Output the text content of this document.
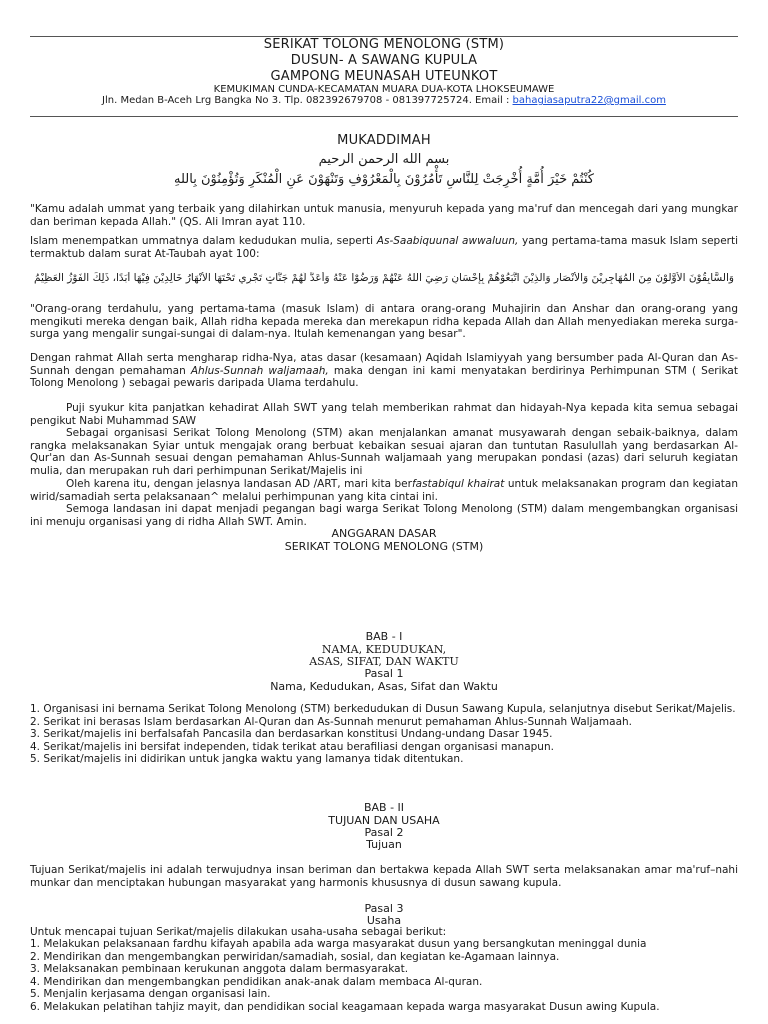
SERIKAT TOLONG MENOLONG (STM)
DUSUN- A SAWANG KUPULA
GAMPONG MEUNASAH UTEUNKOT
KEMUKIMAN CUNDA-KECAMATAN MUARA DUA-KOTA LHOKSEUMAWE
Jln. Medan B-Aceh Lrg Bangka No 3. Tlp. 082392679708 - 081397725724. Email : bahagiasaputra22@gmail.com
MUKADDIMAH
بسم الله الرحمن الرحيم
كُنْتُمْ خَيْرَ أُمَّةٍ أُخْرِجَتْ لِلنَّاسِ تَأْمُرُوْنَ بِالْمَعْرُوْفِ وَتَنْهَوْنَ عَنِ الْمُنْكَرِ وَتُؤْمِنُوْنَ بِاللهِ

"Kamu adalah ummat yang terbaik yang dilahirkan untuk manusia, menyuruh kepada yang ma'ruf dan mencegah dari yang mungkar dan beriman kepada Allah." (QS. Ali Imran ayat 110.

Islam menempatkan ummatnya dalam kedudukan mulia, seperti As-Saabiquunal awwaluun, yang pertama-tama masuk Islam seperti termaktub dalam surat At-Taubah ayat 100:

وَالسَّابِقُوْنَ الْأَوَّلُوْنَ مِنَ الْمُهَاجِرِيْنَ وَالْأَنْصَارِ وَالَّذِيْنَ اتَّبَعُوْهُمْ بِإِحْسَانٍ رَضِيَ اللهُ عَنْهُمْ وَرَضُوْا عَنْهُ وَأَعَدَّ لَهُمْ جَنَّاتٍ تَجْرِي تَحْتَهَا الْأَنْهَارُ خَالِدِيْنَ فِيْهَا أَبَدًا، ذَلِكَ الْفَوْزُ الْعَظِيْمُ

"Orang-orang terdahulu, yang pertama-tama (masuk Islam) di antara orang-orang Muhajirin dan Anshar dan orang-orang yang mengikuti mereka dengan baik, Allah ridha kepada mereka dan merekapun ridha kepada Allah dan Allah menyediakan mereka surga-surga yang mengalir sungai-sungai di dalam-nya. Itulah kemenangan yang besar".

Dengan rahmat Allah serta mengharap ridha-Nya, atas dasar (kesamaan) Aqidah Islamiyyah yang bersumber pada Al-Quran dan As-Sunnah dengan pemahaman Ahlus-Sunnah waljamaah, maka dengan ini kami menyatakan berdirinya Perhimpunan STM ( Serikat Tolong Menolong ) sebagai pewaris daripada Ulama terdahulu.

Puji syukur kita panjatkan kehadirat Allah SWT yang telah memberikan rahmat dan hidayah-Nya kepada kita semua sebagai pengikut Nabi Muhammad SAW

Sebagai organisasi Serikat Tolong Menolong (STM) akan menjalankan amanat musyawarah dengan sebaik-baiknya, dalam rangka melaksanakan Syiar untuk mengajak orang berbuat kebaikan sesuai ajaran dan tuntutan Rasulullah yang berdasarkan Al-Qur'an dan As-Sunnah sesuai dengan pemahaman Ahlus-Sunnah waljamaah yang merupakan pondasi (azas) dari seluruh kegiatan mulia, dan merupakan ruh dari perhimpunan Serikat/Majelis ini

Oleh karena itu, dengan jelasnya landasan AD /ART, mari kita berfastabiqul khairat untuk melaksanakan program dan kegiatan wirid/samadiah serta pelaksanaan^ melalui perhimpunan yang kita cintai ini.

Semoga landasan ini dapat menjadi pegangan bagi warga Serikat Tolong Menolong (STM) dalam mengembangkan organisasi ini menuju organisasi yang di ridha Allah SWT. Amin.

ANGGARAN DASAR
SERIKAT TOLONG MENOLONG (STM)
BAB - I
NAMA, KEDUDUKAN,
ASAS, SIFAT, DAN WAKTU
Pasal 1
Nama, Kedudukan, Asas, Sifat dan Waktu
1. Organisasi ini bernama Serikat Tolong Menolong (STM) berkedudukan di Dusun Sawang Kupula, selanjutnya disebut Serikat/Majelis.
2. Serikat ini berasas Islam berdasarkan Al-Quran dan As-Sunnah menurut pemahaman Ahlus-Sunnah Waljamaah.
3. Serikat/majelis ini berfalsafah Pancasila dan berdasarkan konstitusi Undang-undang Dasar 1945.
4. Serikat/majelis ini bersifat independen, tidak terikat atau berafiliasi dengan organisasi manapun.
5. Serikat/majelis ini didirikan untuk jangka waktu yang lamanya tidak ditentukan.
BAB - II
TUJUAN DAN USAHA
Pasal 2
Tujuan

Tujuan Serikat/majelis ini adalah terwujudnya insan beriman dan bertakwa kepada Allah SWT serta melaksanakan amar ma'ruf–nahi munkar dan menciptakan hubungan masyarakat yang harmonis khususnya di dusun sawang kupula.

Pasal 3
Usaha

Untuk mencapai tujuan Serikat/majelis dilakukan usaha-usaha sebagai berikut:

1. Melakukan pelaksanaan fardhu kifayah apabila ada warga masyarakat dusun yang bersangkutan meninggal dunia
2. Mendirikan dan mengembangkan perwiridan/samadiah, sosial, dan kegiatan ke-Agamaan lainnya.
3. Melaksanakan pembinaan kerukunan anggota dalam bermasyarakat.
4. Mendirikan dan mengembangkan pendidikan anak-anak dalam membaca Al-quran.
5. Menjalin kerjasama dengan organisasi lain.
6. Melakukan pelatihan tahjiz mayit, dan pendidikan social keagamaan kepada warga masyarakat Dusun awing Kupula.
